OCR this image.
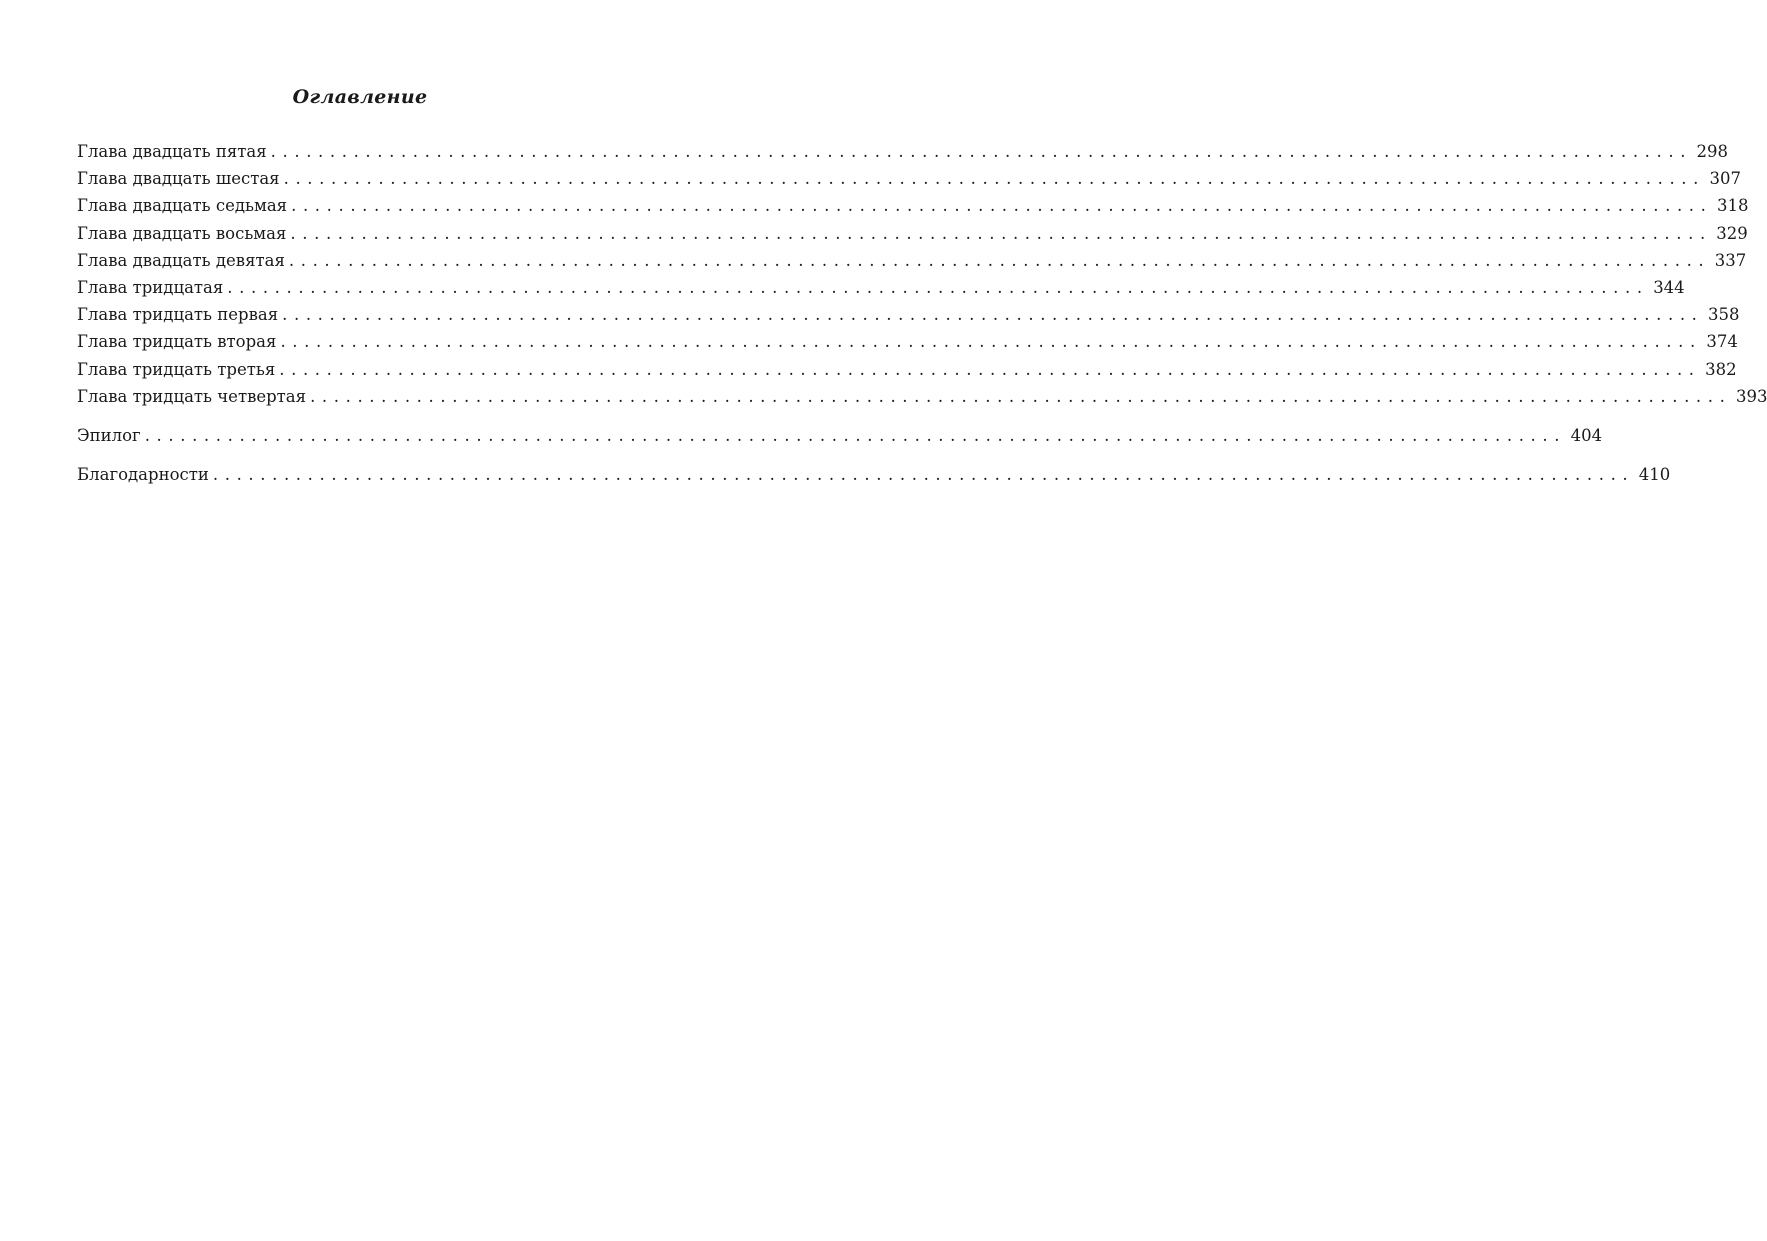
Оглавление
Глава двадцать пятая ........................................................................................................................ 298
Глава двадцать шестая ........................................................................................................................ 307
Глава двадцать седьмая ........................................................................................................................ 318
Глава двадцать восьмая ........................................................................................................................ 329
Глава двадцать девятая ........................................................................................................................ 337
Глава тридцатая ........................................................................................................................ 344
Глава тридцать первая ........................................................................................................................ 358
Глава тридцать вторая ........................................................................................................................ 374
Глава тридцать третья ........................................................................................................................ 382
Глава тридцать четвертая ........................................................................................................................ 393
Эпилог ........................................................................................................................ 404
Благодарности ........................................................................................................................ 410
